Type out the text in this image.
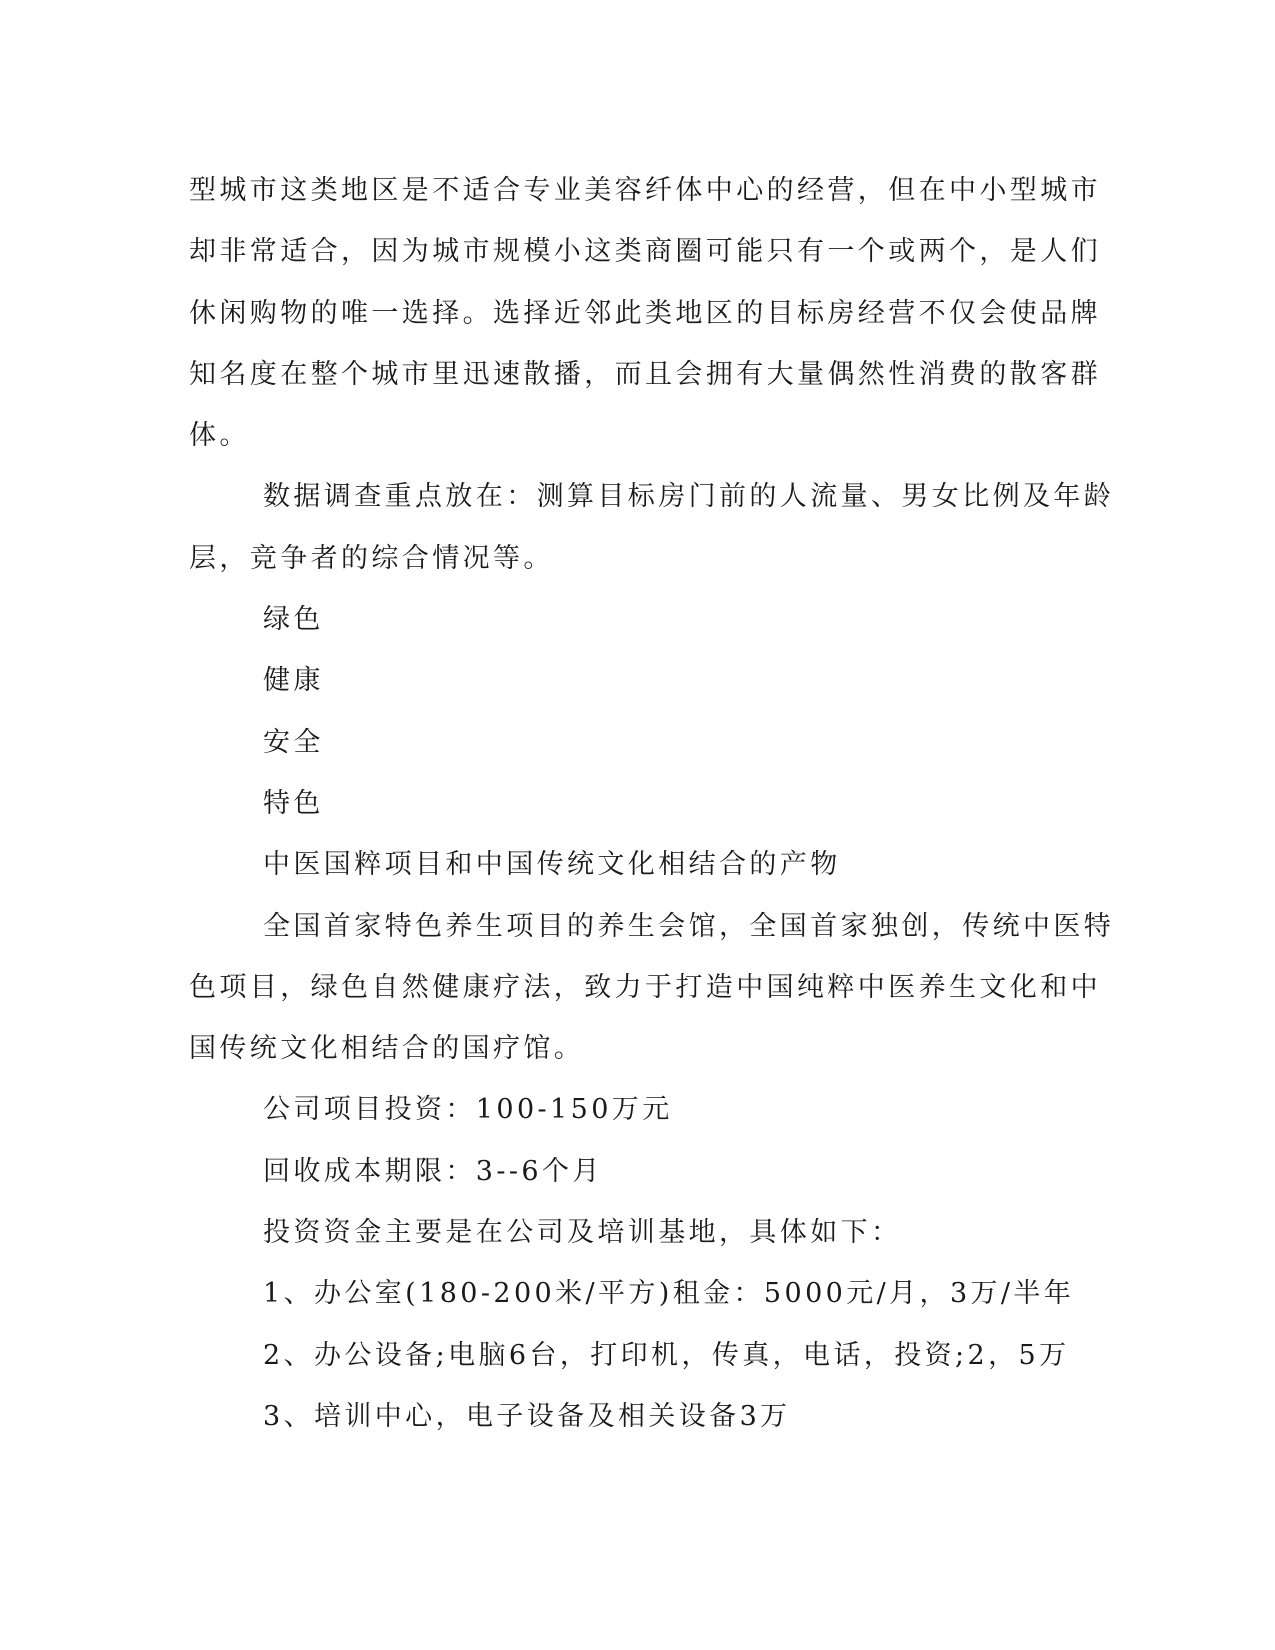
型城市这类地区是不适合专业美容纤体中心的经营，但在中小型城市
却非常适合，因为城市规模小这类商圈可能只有一个或两个，是人们
休闲购物的唯一选择。选择近邻此类地区的目标房经营不仅会使品牌
知名度在整个城市里迅速散播，而且会拥有大量偶然性消费的散客群
体。
数据调查重点放在：测算目标房门前的人流量、男女比例及年龄
层，竞争者的综合情况等。
绿色
健康
安全
特色
中医国粹项目和中国传统文化相结合的产物
全国首家特色养生项目的养生会馆，全国首家独创，传统中医特
色项目，绿色自然健康疗法，致力于打造中国纯粹中医养生文化和中
国传统文化相结合的国疗馆。
公司项目投资：100-150万元
回收成本期限：3--6个月
投资资金主要是在公司及培训基地，具体如下：
1、办公室(180-200米/平方)租金：5000元/月，3万/半年
2、办公设备;电脑6台，打印机，传真，电话，投资;2，5万
3、培训中心，电子设备及相关设备3万
